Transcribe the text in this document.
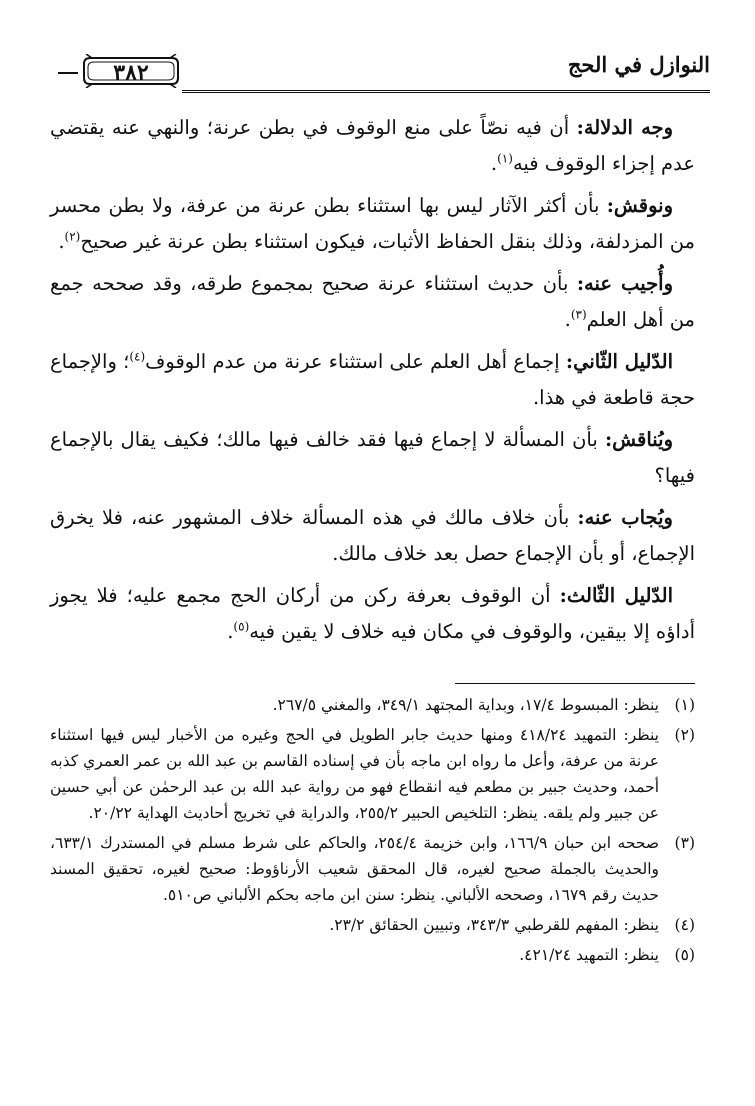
النوازل في الحج
٣٨٢

وجه الدلالة: أن فيه نصّاً على منع الوقوف في بطن عرنة؛ والنهي عنه يقتضي عدم إجزاء الوقوف فيه$^{(١)}$.

ونوقش: بأن أكثر الآثار ليس بها استثناء بطن عرنة من عرفة، ولا بطن محسر من المزدلفة، وذلك بنقل الحفاظ الأثبات، فيكون استثناء بطن عرنة غير صحيح$^{(٢)}$.

وأُجيب عنه: بأن حديث استثناء عرنة صحيح بمجموع طرقه، وقد صححه جمع من أهل العلم$^{(٣)}$.

الدّليل الثّاني: إجماع أهل العلم على استثناء عرنة من عدم الوقوف$^{(٤)}$؛ والإجماع حجة قاطعة في هذا.

ويُناقش: بأن المسألة لا إجماع فيها فقد خالف فيها مالك؛ فكيف يقال بالإجماع فيها؟

ويُجاب عنه: بأن خلاف مالك في هذه المسألة خلاف المشهور عنه، فلا يخرق الإجماع، أو بأن الإجماع حصل بعد خلاف مالك.

الدّليل الثّالث: أن الوقوف بعرفة ركن من أركان الحج مجمع عليه؛ فلا يجوز أداؤه إلا بيقين، والوقوف في مكان فيه خلاف لا يقين فيه$^{(٥)}$.

(١)
ينظر: المبسوط ١٧/٤، وبداية المجتهد ٣٤٩/١، والمغني ٢٦٧/٥.
(٢)
ينظر: التمهيد ٤١٨/٢٤ ومنها حديث جابر الطويل في الحج وغيره من الأخبار ليس فيها استثناء عرنة من عرفة، وأعل ما رواه ابن ماجه بأن في إسناده القاسم بن عبد الله بن عمر العمري كذبه أحمد، وحديث جبير بن مطعم فيه انقطاع فهو من رواية عبد الله بن عبد الرحمٰن عن أبي حسين عن جبير ولم يلقه. ينظر: التلخيص الحبير ٢٥٥/٢، والدراية في تخريج أحاديث الهداية ٢٠/٢٢.
(٣)
صححه ابن حبان ١٦٦/٩، وابن خزيمة ٢٥٤/٤، والحاكم على شرط مسلم في المستدرك ٦٣٣/١، والحديث بالجملة صحيح لغيره، قال المحقق شعيب الأرناؤوط: صحيح لغيره، تحقيق المسند حديث رقم ١٦٧٩، وصححه الألباني. ينظر: سنن ابن ماجه بحكم الألباني ص٥١٠.
(٤)
ينظر: المفهم للقرطبي ٣٤٣/٣، وتبيين الحقائق ٢٣/٢.
(٥)
ينظر: التمهيد ٤٢١/٢٤.
